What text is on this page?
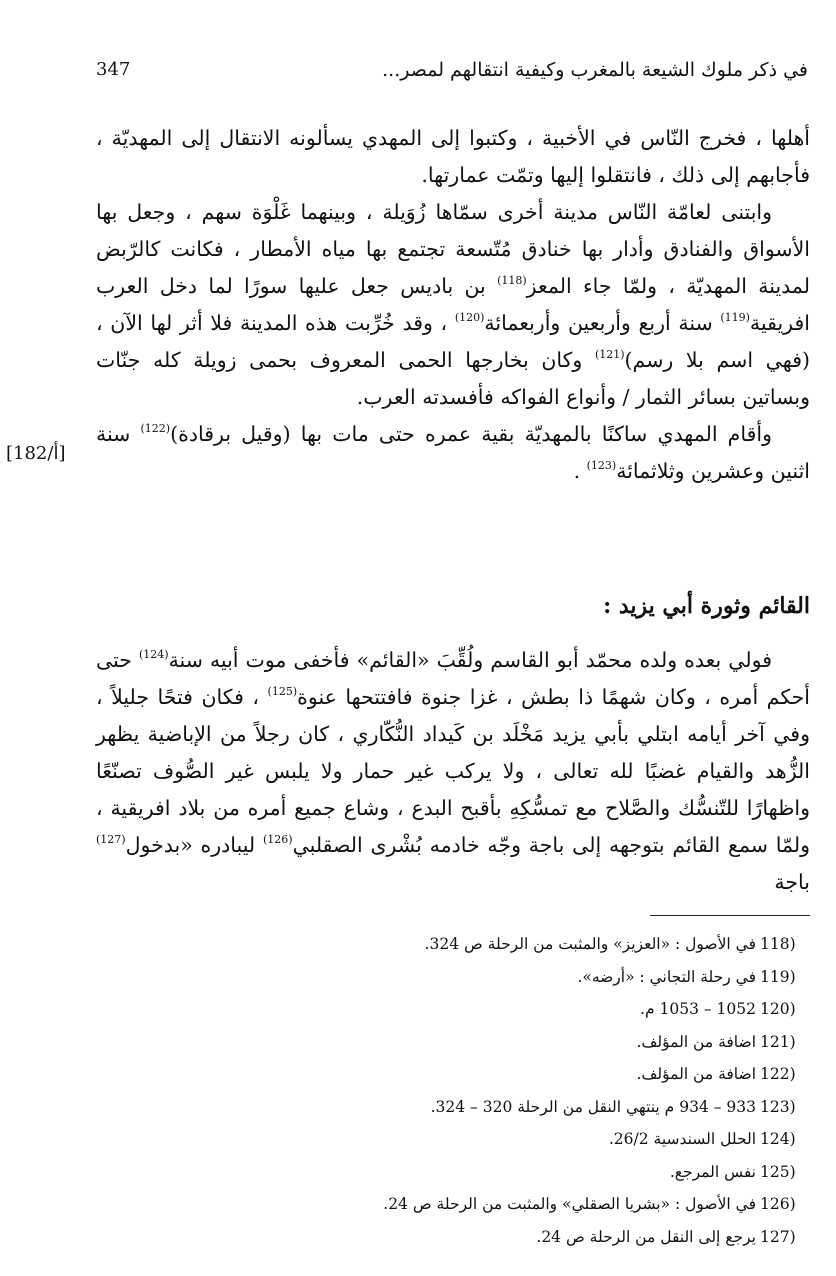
في ذكر ملوك الشيعة بالمغرب وكيفية انتقالهم لمصر...
347

أهلها ، فخرج النّاس في الأخبية ، وكتبوا إلى المهدي يسألونه الانتقال إلى المهديّة ، فأجابهم إلى ذلك ، فانتقلوا إليها وتمّت عمارتها.

وابتنى لعامّة النّاس مدينة أخرى سمّاها زُوَيلة ، وبينهما غَلْوَة سهم ، وجعل بها الأسواق والفنادق وأدار بها خنادق مُتّسعة تجتمع بها مياه الأمطار ، فكانت كالرّبض لمدينة المهديّة ، ولمّا جاء المعز$^{(118)}$ بن باديس جعل عليها سورًا لما دخل العرب افريقية$^{(119)}$ سنة أربع وأربعين وأربعمائة$^{(120)}$ ، وقد خُرِّبت هذه المدينة فلا أثر لها الآن ، (فهي اسم بلا رسم)$^{(121)}$ وكان بخارجها الحمى المعروف بحمى زويلة كله جنّات وبساتين بسائر الثمار / وأنواع الفواكه فأفسدته العرب.

وأقام المهدي ساكنًا بالمهديّة بقية عمره حتى مات بها (وقيل برقادة)$^{(122)}$ سنة اثنين وعشرين وثلاثمائة$^{(123)}$ .

[182/أ]
القائم وثورة أبي يزيد :

فولي بعده ولده محمّد أبو القاسم ولُقِّبَ «القائم» فأخفى موت أبيه سنة$^{(124)}$ حتى أحكم أمره ، وكان شهمًا ذا بطش ، غزا جنوة فافتتحها عنوة$^{(125)}$ ، فكان فتحًا جليلاً ، وفي آخر أيامه ابتلي بأبي يزيد مَخْلَد بن كَيداد النُّكّاري ، كان رجلاً من الإباضية يظهر الزُّهد والقيام غضبًا لله تعالى ، ولا يركب غير حمار ولا يلبس غير الصُّوف تصنّعًا واظهارًا للتّنسُّك والصَّلاح مع تمسُّكِهِ بأقبح البدع ، وشاع جميع أمره من بلاد افريقية ، ولمّا سمع القائم بتوجهه إلى باجة وجّه خادمه بُشْرى الصقلبي$^{(126)}$ ليبادره «بدخول$^{(127)}$ باجة

118)
في الأصول : «العزيز» والمثبت من الرحلة ص 324.
119)
في رحلة التجاني : «أرضه».
120)
1052 – 1053 م.
121)
اضافة من المؤلف.
122)
اضافة من المؤلف.
123)
933 – 934 م ينتهي النقل من الرحلة 320 – 324.
124)
الحلل السندسية 26/2.
125)
نفس المرجع.
126)
في الأصول : «بشريا الصقلي» والمثبت من الرحلة ص 24.
127)
يرجع إلى النقل من الرحلة ص 24.
